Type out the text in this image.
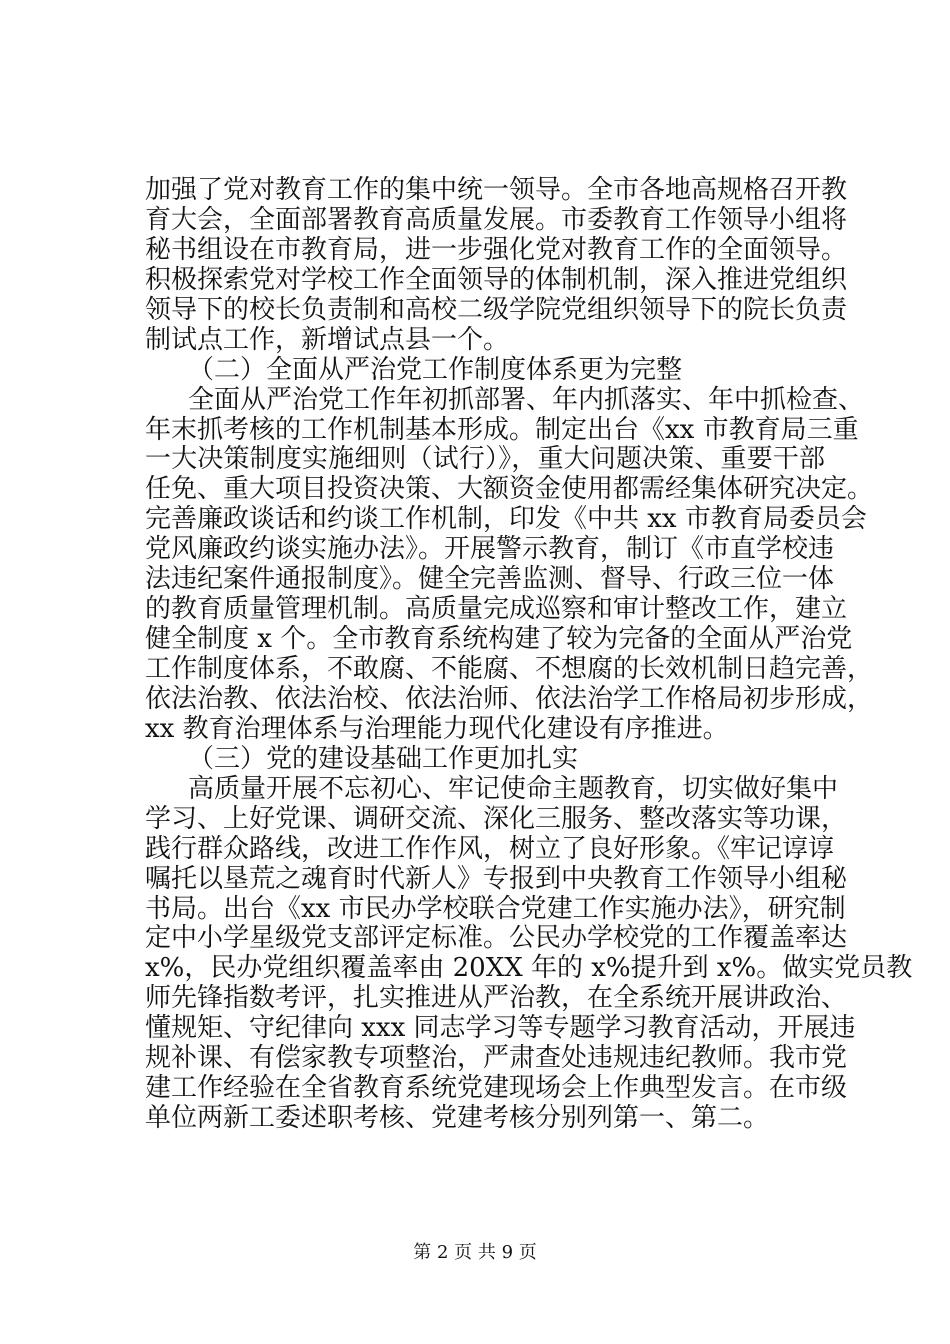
加强了党对教育工作的集中统一领导。全市各地高规格召开教
育大会，全面部署教育高质量发展。市委教育工作领导小组将
秘书组设在市教育局，进一步强化党对教育工作的全面领导。
积极探索党对学校工作全面领导的体制机制，深入推进党组织
领导下的校长负责制和高校二级学院党组织领导下的院长负责
制试点工作，新增试点县一个。
（二）全面从严治党工作制度体系更为完整
全面从严治党工作年初抓部署、年内抓落实、年中抓检查、
年末抓考核的工作机制基本形成。制定出台《xx 市教育局三重
一大决策制度实施细则（试行）》，重大问题决策、重要干部
任免、重大项目投资决策、大额资金使用都需经集体研究决定。
完善廉政谈话和约谈工作机制，印发《中共 xx 市教育局委员会
党风廉政约谈实施办法》。开展警示教育，制订《市直学校违
法违纪案件通报制度》。健全完善监测、督导、行政三位一体
的教育质量管理机制。高质量完成巡察和审计整改工作，建立
健全制度 x 个。全市教育系统构建了较为完备的全面从严治党
工作制度体系，不敢腐、不能腐、不想腐的长效机制日趋完善，
依法治教、依法治校、依法治师、依法治学工作格局初步形成，
xx 教育治理体系与治理能力现代化建设有序推进。
（三）党的建设基础工作更加扎实
高质量开展不忘初心、牢记使命主题教育，切实做好集中
学习、上好党课、调研交流、深化三服务、整改落实等功课，
践行群众路线，改进工作作风，树立了良好形象。《牢记谆谆
嘱托以垦荒之魂育时代新人》专报到中央教育工作领导小组秘
书局。出台《xx 市民办学校联合党建工作实施办法》，研究制
定中小学星级党支部评定标准。公民办学校党的工作覆盖率达
x%，民办党组织覆盖率由 20XX 年的 x%提升到 x%。做实党员教
师先锋指数考评，扎实推进从严治教，在全系统开展讲政治、
懂规矩、守纪律向 xxx 同志学习等专题学习教育活动，开展违
规补课、有偿家教专项整治，严肃查处违规违纪教师。我市党
建工作经验在全省教育系统党建现场会上作典型发言。在市级
单位两新工委述职考核、党建考核分别列第一、第二。
第 2 页 共 9 页
